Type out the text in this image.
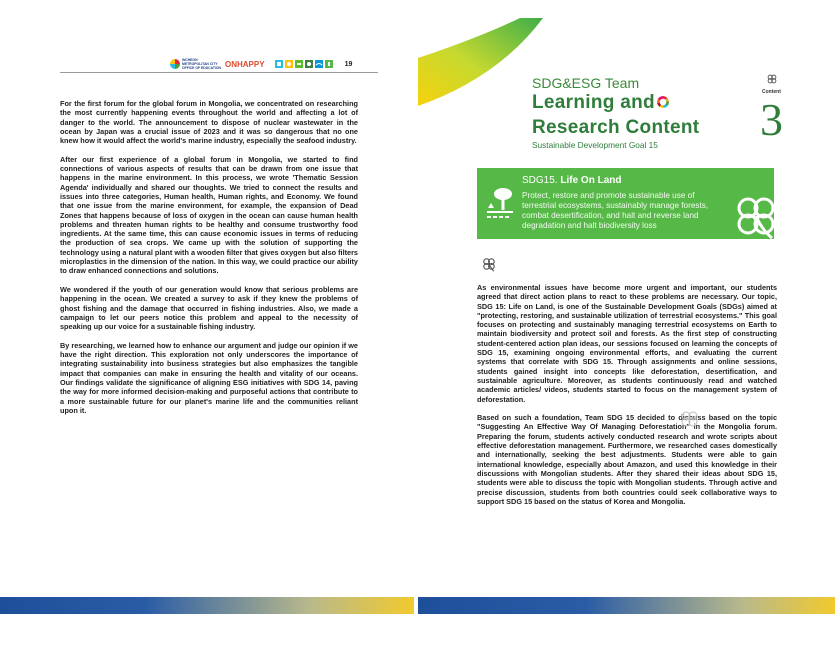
INCHEON METROPOLITAN CITY OFFICE OF EDUCATION ONHAPPY	19

For the first forum for the global forum in Mongolia, we concentrated on researching the most currently happening events throughout the world and affecting a lot of danger to the world. The announcement to dispose of nuclear wastewater in the ocean by Japan was a crucial issue of 2023 and it was so dangerous that no one knew how it would affect the world's marine industry, especially the seafood industry.

After our first experience of a global forum in Mongolia, we started to find connections of various aspects of results that can be drawn from one issue that happens in the marine environment. In this process, we wrote 'Thematic Session Agenda' individually and shared our thoughts. We tried to connect the results and issues into three categories, Human health, Human rights, and Economy. We found that one issue from the marine environment, for example, the expansion of Dead Zones that happens because of loss of oxygen in the ocean can cause human health problems and threaten human rights to be healthy and consume trustworthy food ingredients. At the same time, this can cause economic issues in terms of reducing the production of sea crops. We came up with the solution of supporting the technology using a natural plant with a wooden filter that gives oxygen but also filters microplastics in the dimension of the nation. In this way, we could practice our ability to draw enhanced connections and solutions.

We wondered if the youth of our generation would know that serious problems are happening in the ocean. We created a survey to ask if they knew the problems of ghost fishing and the damage that occurred in fishing industries. Also, we made a campaign to let our peers notice this problem and appeal to the necessity of speaking up our voice for a sustainable fishing industry.

By researching, we learned how to enhance our argument and judge our opinion if we have the right direction. This exploration not only underscores the importance of integrating sustainability into business strategies but also emphasizes the tangible impact that companies can make in ensuring the health and vitality of our oceans. Our findings validate the significance of aligning ESG initiatives with SDG 14, paving the way for more informed decision-making and purposeful actions that contribute to a more sustainable future for our planet's marine life and the communities reliant upon it.

SDG&ESG Team
Learning and
Research Content
Sustainable Development Goal 15
Content
3
SDG15. Life On Land
Protect, restore and promote sustainable use of terrestrial ecosystems, sustainably manage forests, combat desertification, and halt and reverse land degradation and halt biodiversity loss

As environmental issues have become more urgent and important, our students agreed that direct action plans to react to these problems are necessary. Our topic, SDG 15: Life on Land, is one of the Sustainable Development Goals (SDGs) aimed at "protecting, restoring, and sustainable utilization of terrestrial ecosystems." This goal focuses on protecting and sustainably managing terrestrial ecosystems on Earth to maintain biodiversity and protect soil and forests. As the first step of constructing student-centered action plan ideas, our sessions focused on learning the concepts of SDG 15, examining ongoing environmental efforts, and evaluating the current systems that correlate with SDG 15. Through assignments and online sessions, students gained insight into concepts like deforestation, desertification, and sustainable agriculture. Moreover, as students continuously read and watched academic articles/ videos, students started to focus on the management system of deforestation.

Based on such a foundation, Team SDG 15 decided to discuss based on the topic "Suggesting An Effective Way Of Managing Deforestation" in the Mongolia forum. Preparing the forum, students actively conducted research and wrote scripts about effective deforestation management. Furthermore, we researched cases domestically and internationally, seeking the best adjustments. Students were able to gain international knowledge, especially about Amazon, and used this knowledge in their discussions with Mongolian students. After they shared their ideas about SDG 15, students were able to discuss the topic with Mongolian students. Through active and precise discussion, students from both countries could seek collaborative ways to support SDG 15 based on the status of Korea and Mongolia.
